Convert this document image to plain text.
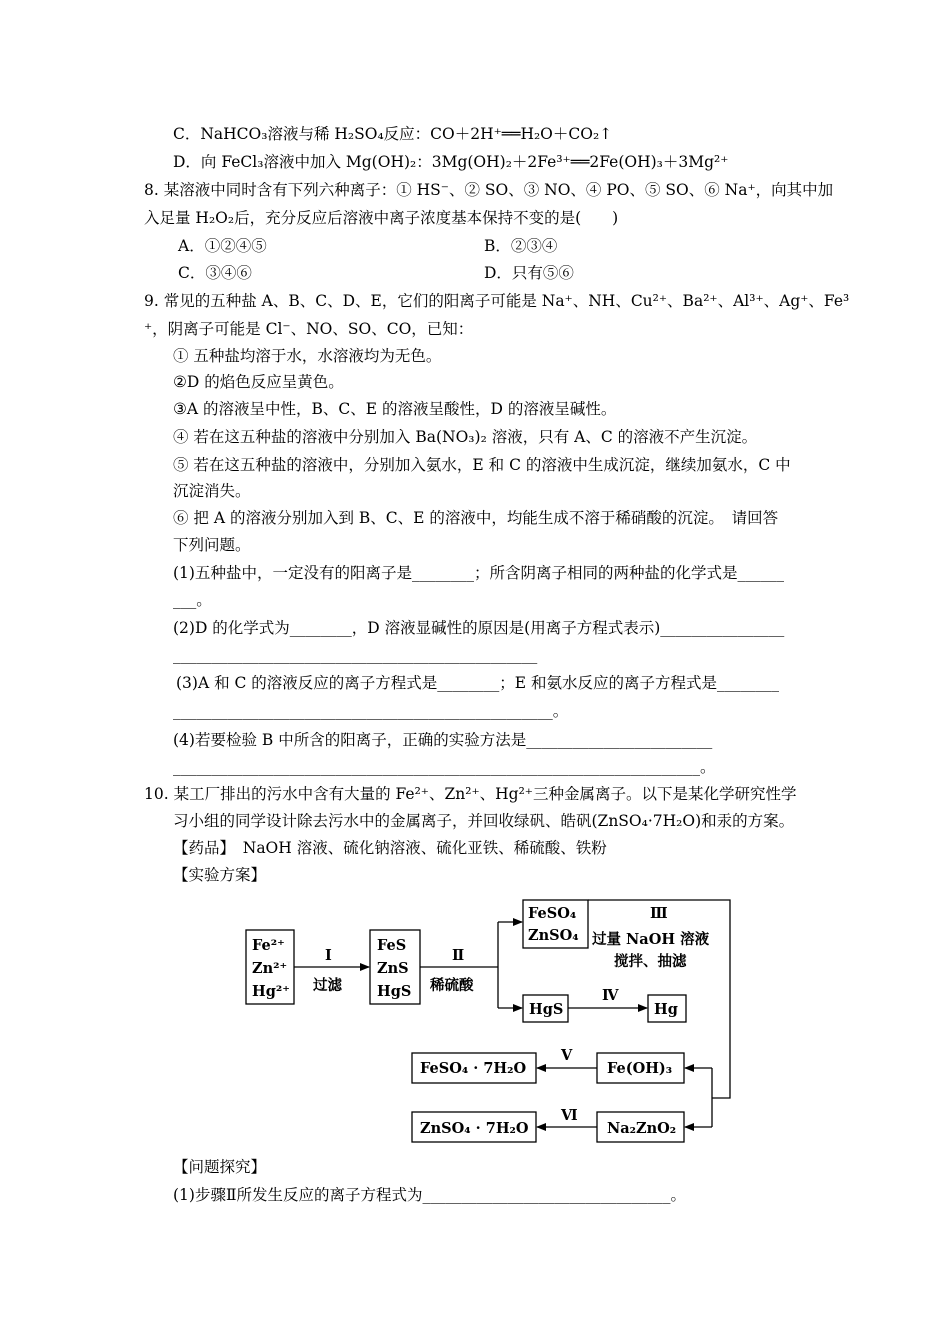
C．NaHCO₃溶液与稀 H₂SO₄反应：CO＋2H⁺══H₂O＋CO₂↑
D．向 FeCl₃溶液中加入 Mg(OH)₂：3Mg(OH)₂＋2Fe³⁺══2Fe(OH)₃＋3Mg²⁺
8. 某溶液中同时含有下列六种离子：① HS⁻、② SO、③ NO、④ PO、⑤ SO、⑥ Na⁺，向其中加
入足量 H₂O₂后，充分反应后溶液中离子浓度基本保持不变的是(　　)
A．①②④⑤	B．②③④
C．③④⑥	D．只有⑤⑥
9. 常见的五种盐 A、B、C、D、E，它们的阳离子可能是 Na⁺、NH、Cu²⁺、Ba²⁺、Al³⁺、Ag⁺、Fe³
⁺，阴离子可能是 Cl⁻、NO、SO、CO，已知：
① 五种盐均溶于水，水溶液均为无色。
②D 的焰色反应呈黄色。
③A 的溶液呈中性，B、C、E 的溶液呈酸性，D 的溶液呈碱性。
④ 若在这五种盐的溶液中分别加入 Ba(NO₃)₂ 溶液，只有 A、C 的溶液不产生沉淀。
⑤ 若在这五种盐的溶液中，分别加入氨水，E 和 C 的溶液中生成沉淀，继续加氨水，C 中
沉淀消失。
⑥ 把 A 的溶液分别加入到 B、C、E 的溶液中，均能生成不溶于稀硝酸的沉淀。　请回答
下列问题。
(1)五种盐中，一定没有的阳离子是________；所含阴离子相同的两种盐的化学式是______
___。
(2)D 的化学式为________，D 溶液显碱性的原因是(用离子方程式表示)________________
_______________________________________________
(3)A 和 C 的溶液反应的离子方程式是________；E 和氨水反应的离子方程式是________
_________________________________________________。
(4)若要检验 B 中所含的阳离子，正确的实验方法是________________________
____________________________________________________________________。
10. 某工厂排出的污水中含有大量的 Fe²⁺、Zn²⁺、Hg²⁺三种金属离子。以下是某化学研究性学
习小组的同学设计除去污水中的金属离子，并回收绿矾、皓矾(ZnSO₄·7H₂O)和汞的方案。
【药品】　NaOH 溶液、硫化钠溶液、硫化亚铁、稀硫酸、铁粉
【实验方案】
Fe²⁺
Zn²⁺
Hg²⁺
Ⅰ
过滤
FeS
ZnS
HgS
Ⅱ
稀硫酸
FeSO₄
ZnSO₄
Ⅲ
过量 NaOH 溶液
搅拌、抽滤
HgS
Ⅳ
Hg
Fe(OH)₃
Ⅴ
FeSO₄ · 7H₂O
Na₂ZnO₂
Ⅵ
ZnSO₄ · 7H₂O
【问题探究】
(1)步骤Ⅱ所发生反应的离子方程式为________________________________。
